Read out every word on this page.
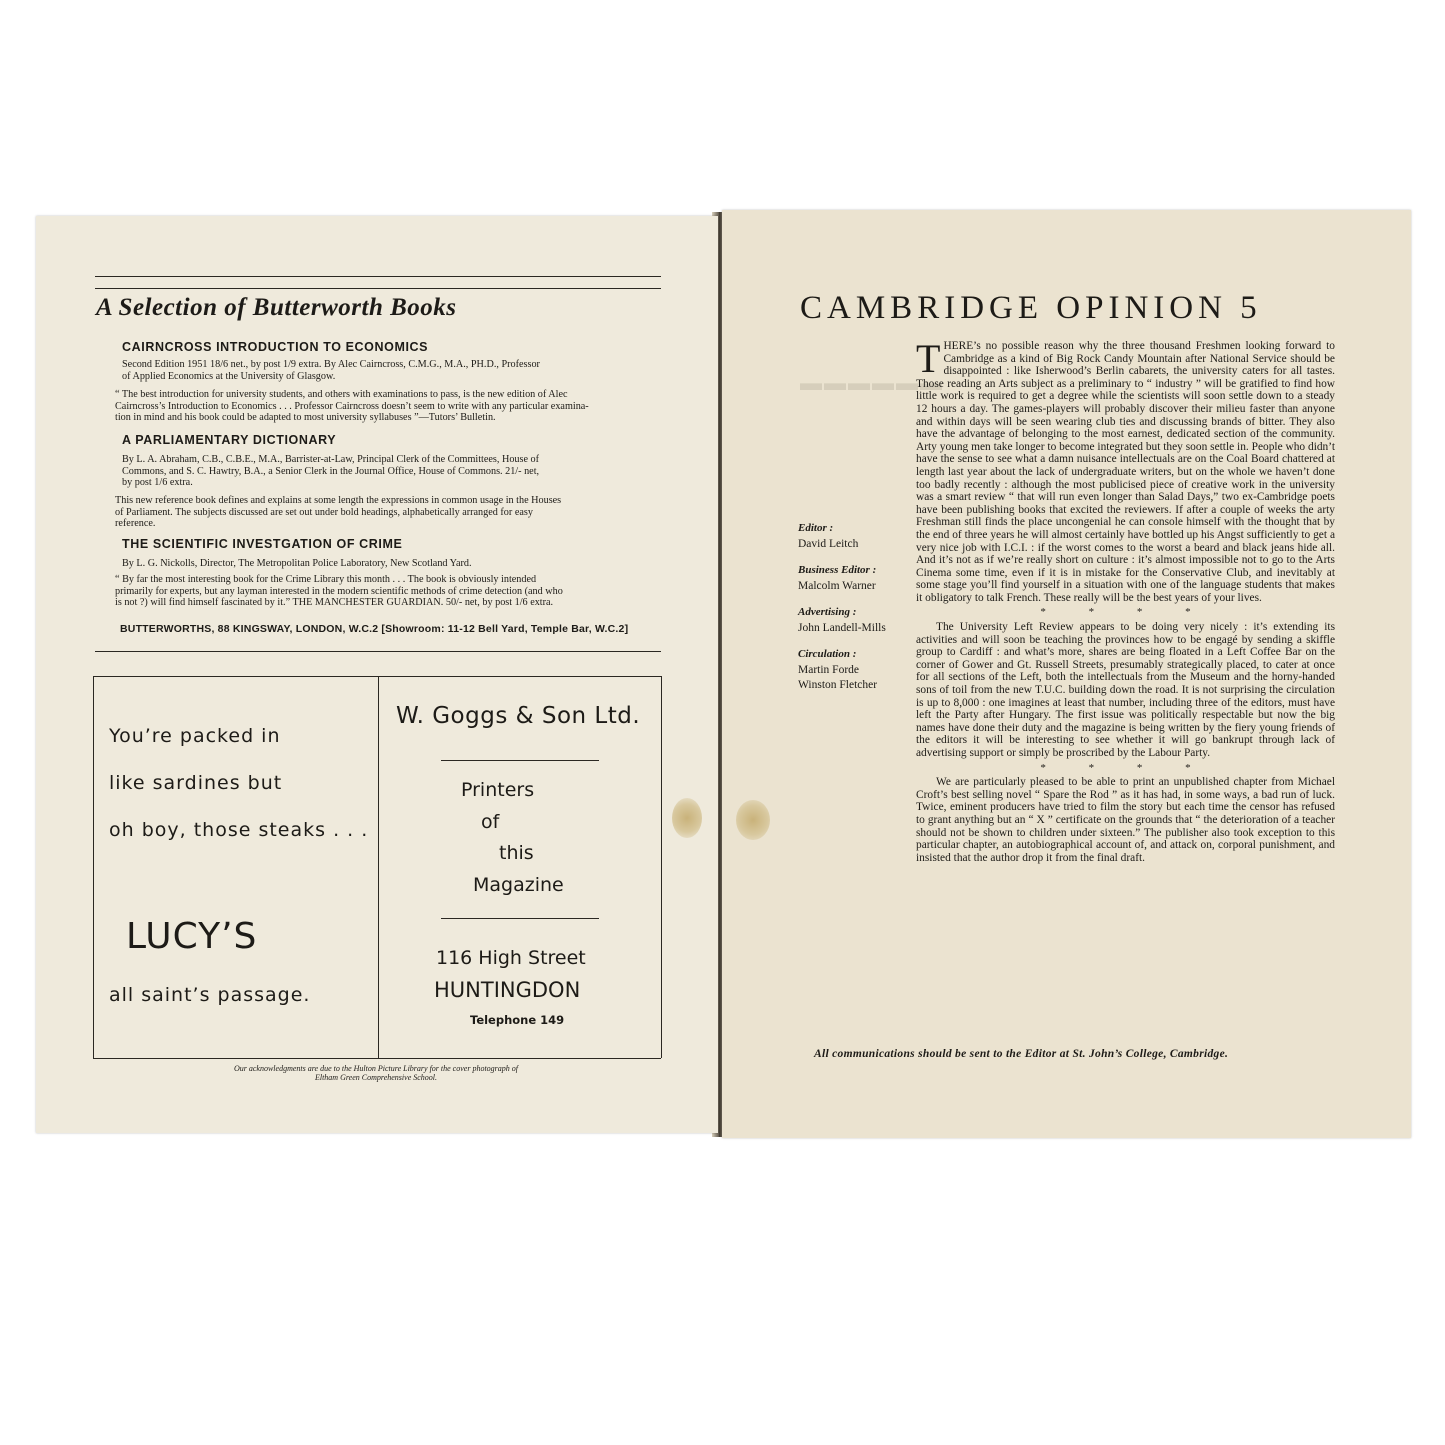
A Selection of Butterworth Books
CAIRNCROSS INTRODUCTION TO ECONOMICS
Second Edition 1951 18/6 net., by post 1/9 extra. By Alec Cairncross, C.M.G., M.A., PH.D., Professor
of Applied Economics at the University of Glasgow.
“ The best introduction for university students, and others with examinations to pass, is the new edition of Alec
Cairncross’s Introduction to Economics . . . Professor Cairncross doesn’t seem to write with any particular examina-
tion in mind and his book could be adapted to most university syllabuses ”—Tutors’ Bulletin.
A PARLIAMENTARY DICTIONARY
By L. A. Abraham, C.B., C.B.E., M.A., Barrister-at-Law, Principal Clerk of the Committees, House of
Commons, and S. C. Hawtry, B.A., a Senior Clerk in the Journal Office, House of Commons. 21/- net,
by post 1/6 extra.
This new reference book defines and explains at some length the expressions in common usage in the Houses
of Parliament. The subjects discussed are set out under bold headings, alphabetically arranged for easy
reference.
THE SCIENTIFIC INVESTGATION OF CRIME
By L. G. Nickolls, Director, The Metropolitan Police Laboratory, New Scotland Yard.
“ By far the most interesting book for the Crime Library this month . . . The book is obviously intended
primarily for experts, but any layman interested in the modern scientific methods of crime detection (and who
is not ?) will find himself fascinated by it.” THE MANCHESTER GUARDIAN. 50/- net, by post 1/6 extra.
BUTTERWORTHS, 88 KINGSWAY, LONDON, W.C.2 [Showroom: 11-12 Bell Yard, Temple Bar, W.C.2]
You’re packed in
like sardines but
oh boy, those steaks . . .
LUCY’S
all saint’s passage.
W. Goggs & Son Ltd.
Printers
of
this
Magazine
116 High Street
HUNTINGDON
Telephone 149
Our acknowledgments are due to the Hulton Picture Library for the cover photograph of
Eltham Green Comprehensive School.
▬▬▬▬▬▬
CAMBRIDGE OPINION 5
Editor :
David Leitch
Business Editor :
Malcolm Warner
Advertising :
John Landell-Mills
Circulation :
Martin Forde
Winston Fletcher

THERE’s no possible reason why the three thousand Freshmen looking forward to Cambridge as a kind of Big Rock Candy Mountain after National Service should be disappointed : like Isherwood’s Berlin cabarets, the university caters for all tastes. Those reading an Arts subject as a preliminary to “ industry ” will be gratified to find how little work is required to get a degree while the scientists will soon settle down to a steady 12 hours a day. The games-players will probably discover their milieu faster than anyone and within days will be seen wearing club ties and discussing brands of bitter. They also have the advantage of belonging to the most earnest, dedicated section of the community. Arty young men take longer to become integrated but they soon settle in. People who didn’t have the sense to see what a damn nuisance intellectuals are on the Coal Board chattered at length last year about the lack of undergraduate writers, but on the whole we haven’t done too badly recently : although the most publicised piece of creative work in the university was a smart review “ that will run even longer than Salad Days,” two ex-Cambridge poets have been publishing books that excited the reviewers. If after a couple of weeks the arty Freshman still finds the place uncongenial he can console himself with the thought that by the end of three years he will almost certainly have bottled up his Angst sufficiently to get a very nice job with I.C.I. : if the worst comes to the worst a beard and black jeans hide all. And it’s not as if we’re really short on culture : it’s almost impossible not to go to the Arts Cinema some time, even if it is in mistake for the Conservative Club, and inevitably at some stage you’ll find yourself in a situation with one of the language students that makes it obligatory to talk French. These really will be the best years of your lives.

* * * *

The University Left Review appears to be doing very nicely : it’s extending its activities and will soon be teaching the provinces how to be engagé by sending a skiffle group to Cardiff : and what’s more, shares are being floated in a Left Coffee Bar on the corner of Gower and Gt. Russell Streets, presumably strategically placed, to cater at once for all sections of the Left, both the intellectuals from the Museum and the horny-handed sons of toil from the new T.U.C. building down the road. It is not surprising the circulation is up to 8,000 : one imagines at least that number, including three of the editors, must have left the Party after Hungary. The first issue was politically respectable but now the big names have done their duty and the magazine is being written by the fiery young friends of the editors it will be interesting to see whether it will go bankrupt through lack of advertising support or simply be proscribed by the Labour Party.

* * * *

We are particularly pleased to be able to print an unpublished chapter from Michael Croft’s best selling novel “ Spare the Rod ” as it has had, in some ways, a bad run of luck. Twice, eminent producers have tried to film the story but each time the censor has refused to grant anything but an “ X ” certificate on the grounds that “ the deterioration of a teacher should not be shown to children under sixteen.” The publisher also took exception to this particular chapter, an autobiographical account of, and attack on, corporal punishment, and insisted that the author drop it from the final draft.

All communications should be sent to the Editor at St. John’s College, Cambridge.
